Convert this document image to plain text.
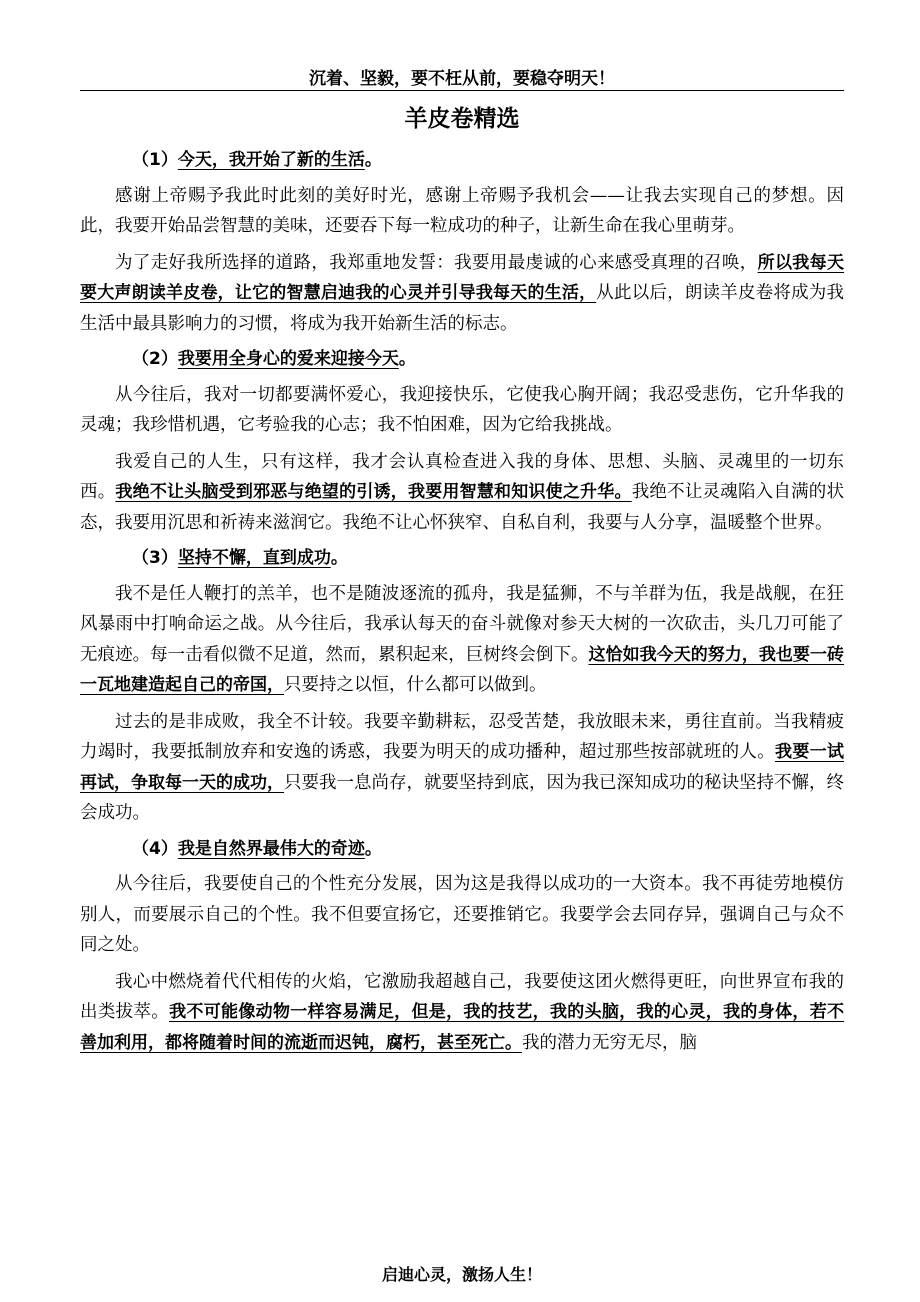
沉着、坚毅，要不枉从前，要稳夺明天！
羊皮卷精选
（1）今天，我开始了新的生活。

感谢上帝赐予我此时此刻的美好时光，感谢上帝赐予我机会——让我去实现自己的梦想。因此，我要开始品尝智慧的美味，还要吞下每一粒成功的种子，让新生命在我心里萌芽。

为了走好我所选择的道路，我郑重地发誓：我要用最虔诚的心来感受真理的召唤，所以我每天要大声朗读羊皮卷，让它的智慧启迪我的心灵并引导我每天的生活，从此以后，朗读羊皮卷将成为我生活中最具影响力的习惯，将成为我开始新生活的标志。

（2）我要用全身心的爱来迎接今天。

从今往后，我对一切都要满怀爱心，我迎接快乐，它使我心胸开阔；我忍受悲伤，它升华我的灵魂；我珍惜机遇，它考验我的心志；我不怕困难，因为它给我挑战。

我爱自己的人生，只有这样，我才会认真检查进入我的身体、思想、头脑、灵魂里的一切东西。我绝不让头脑受到邪恶与绝望的引诱，我要用智慧和知识使之升华。我绝不让灵魂陷入自满的状态，我要用沉思和祈祷来滋润它。我绝不让心怀狭窄、自私自利，我要与人分享，温暖整个世界。

（3）坚持不懈，直到成功。

我不是任人鞭打的羔羊，也不是随波逐流的孤舟，我是猛狮，不与羊群为伍，我是战舰，在狂风暴雨中打响命运之战。从今往后，我承认每天的奋斗就像对参天大树的一次砍击，头几刀可能了无痕迹。每一击看似微不足道，然而，累积起来，巨树终会倒下。这恰如我今天的努力，我也要一砖一瓦地建造起自己的帝国，只要持之以恒，什么都可以做到。

过去的是非成败，我全不计较。我要辛勤耕耘，忍受苦楚，我放眼未来，勇往直前。当我精疲力竭时，我要抵制放弃和安逸的诱惑，我要为明天的成功播种，超过那些按部就班的人。我要一试再试，争取每一天的成功，只要我一息尚存，就要坚持到底，因为我已深知成功的秘诀坚持不懈，终会成功。

（4）我是自然界最伟大的奇迹。

从今往后，我要使自己的个性充分发展，因为这是我得以成功的一大资本。我不再徒劳地模仿别人，而要展示自己的个性。我不但要宣扬它，还要推销它。我要学会去同存异，强调自己与众不同之处。

我心中燃烧着代代相传的火焰，它激励我超越自己，我要使这团火燃得更旺，向世界宣布我的出类拔萃。我不可能像动物一样容易满足，但是，我的技艺，我的头脑，我的心灵，我的身体，若不善加利用，都将随着时间的流逝而迟钝，腐朽，甚至死亡。我的潜力无穷无尽，脑

启迪心灵，激扬人生！
